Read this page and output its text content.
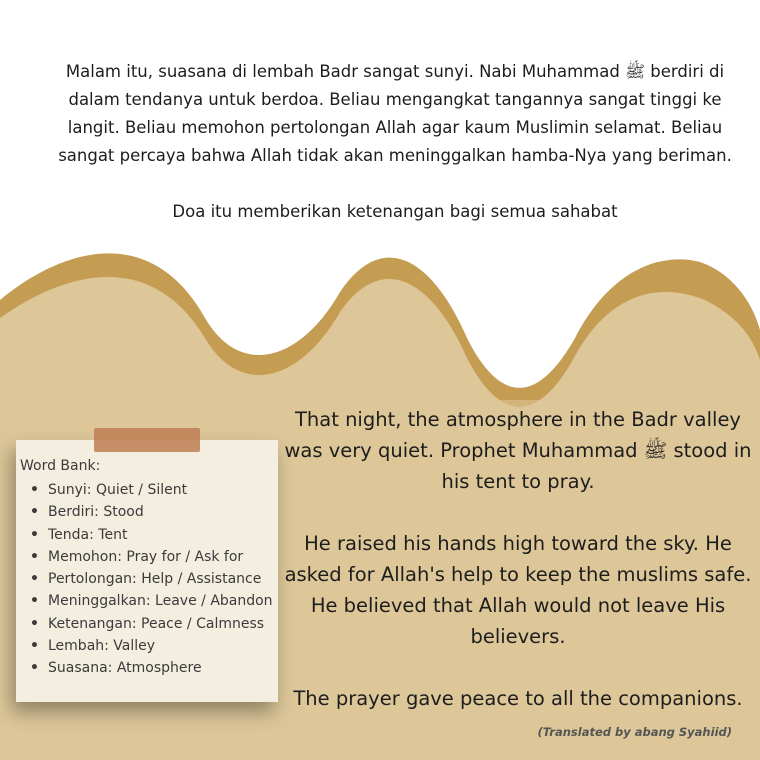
Malam itu, suasana di lembah Badr sangat sunyi. Nabi Muhammad ﷺ berdiri di dalam tendanya untuk berdoa. Beliau mengangkat tangannya sangat tinggi ke langit. Beliau memohon pertolongan Allah agar kaum Muslimin selamat. Beliau sangat percaya bahwa Allah tidak akan meninggalkan hamba-Nya yang beriman.

Doa itu memberikan ketenangan bagi semua sahabat

That night, the atmosphere in the Badr valley was very quiet. Prophet Muhammad ﷺ stood in his tent to pray.

He raised his hands high toward the sky. He asked for Allah's help to keep the muslims safe. He believed that Allah would not leave His believers.

The prayer gave peace to all the companions.

(Translated by abang Syahiid)
Word Bank:
• Sunyi: Quiet / Silent
• Berdiri: Stood
• Tenda: Tent
• Memohon: Pray for / Ask for
• Pertolongan: Help / Assistance
• Meninggalkan: Leave / Abandon
• Ketenangan: Peace / Calmness
• Lembah: Valley
• Suasana: Atmosphere
